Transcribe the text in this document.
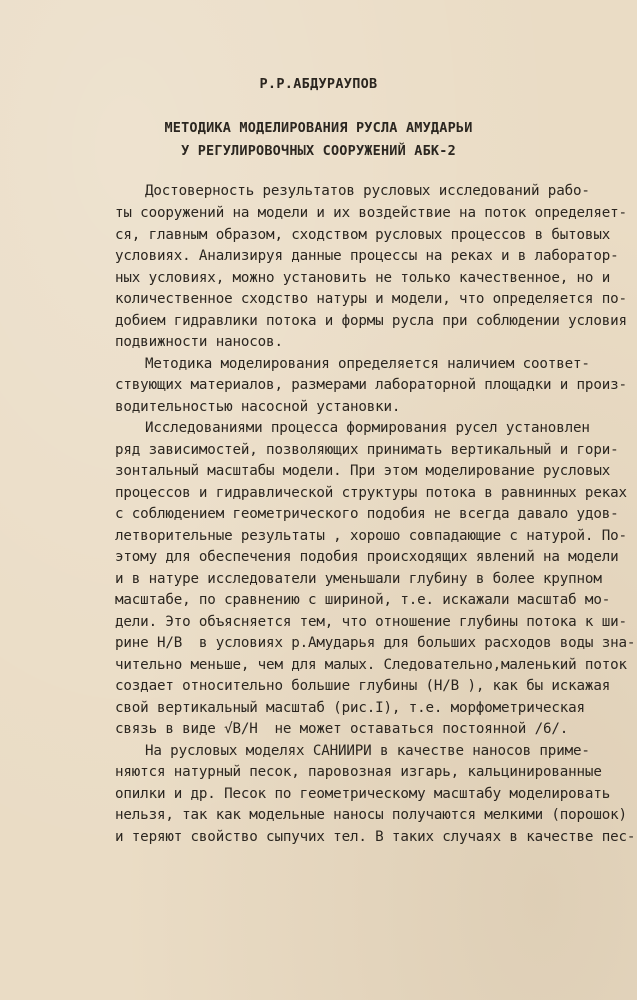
Р.Р.АБДУРАУПОВ
МЕТОДИКА МОДЕЛИРОВАНИЯ РУСЛА АМУДАРЬИ
У РЕГУЛИРОВОЧНЫХ СООРУЖЕНИЙ АБК-2
Достоверность результатов русловых исследований рабо-
ты сооружений на модели и их воздействие на поток определяет-
ся, главным образом, сходством русловых процессов в бытовых
условиях. Анализируя данные процессы на реках и в лаборатор-
ных условиях, можно установить не только качественное, но и
количественное сходство натуры и модели, что определяется по-
добием гидравлики потока и формы русла при соблюдении условия
подвижности наносов.
Методика моделирования определяется наличием соответ-
ствующих материалов, размерами лабораторной площадки и произ-
водительностью насосной установки.
Исследованиями процесса формирования русел установлен
ряд зависимостей, позволяющих принимать вертикальный и гори-
зонтальный масштабы модели. При этом моделирование русловых
процессов и гидравлической структуры потока в равнинных реках
с соблюдением геометрического подобия не всегда давало удов-
летворительные результаты , хорошо совпадающие с натурой. По-
этому для обеспечения подобия происходящих явлений на модели
и в натуре исследователи уменьшали глубину в более крупном
масштабе, по сравнению с шириной, т.е. искажали масштаб мо-
дели. Это объясняется тем, что отношение глубины потока к ши-
рине Н/В  в условиях р.Амударья для больших расходов воды зна-
чительно меньше, чем для малых. Следовательно,маленький поток
создает относительно большие глубины (Н/В ), как бы искажая
свой вертикальный масштаб (рис.I), т.е. морфометрическая
связь в виде √В/Н  не может оставаться постоянной /6/.
На русловых моделях САНИИРИ в качестве наносов приме-
няются натурный песок, паровозная изгарь, кальцинированные
опилки и др. Песок по геометрическому масштабу моделировать
нельзя, так как модельные наносы получаются мелкими (порошок)
и теряют свойство сыпучих тел. В таких случаях в качестве пес-
